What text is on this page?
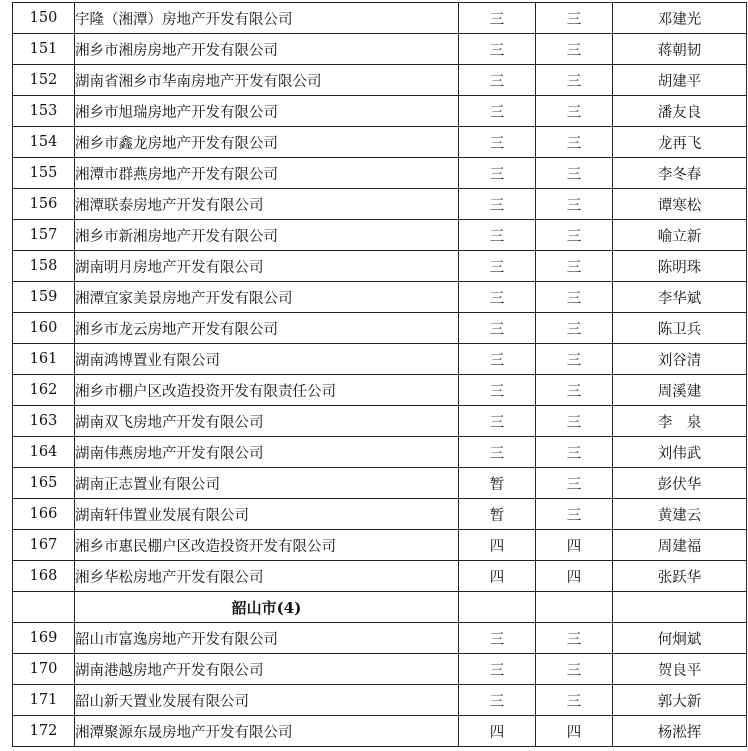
150	宇隆（湘潭）房地产开发有限公司	三	三	邓建光
151	湘乡市湘房房地产开发有限公司	三	三	蒋朝韧
152	湖南省湘乡市华南房地产开发有限公司	三	三	胡建平
153	湘乡市旭瑞房地产开发有限公司	三	三	潘友良
154	湘乡市鑫龙房地产开发有限公司	三	三	龙再飞
155	湘潭市群燕房地产开发有限公司	三	三	李冬春
156	湘潭联泰房地产开发有限公司	三	三	谭寒松
157	湘乡市新湘房地产开发有限公司	三	三	喻立新
158	湖南明月房地产开发有限公司	三	三	陈明珠
159	湘潭宜家美景房地产开发有限公司	三	三	李华斌
160	湘乡市龙云房地产开发有限公司	三	三	陈卫兵
161	湖南鸿博置业有限公司	三	三	刘谷清
162	湘乡市棚户区改造投资开发有限责任公司	三	三	周溪建
163	湖南双飞房地产开发有限公司	三	三	李　泉
164	湖南伟燕房地产开发有限公司	三	三	刘伟武
165	湖南正志置业有限公司	暂	三	彭伏华
166	湖南轩伟置业发展有限公司	暂	三	黄建云
167	湘乡市惠民棚户区改造投资开发有限公司	四	四	周建福
168	湘乡华松房地产开发有限公司	四	四	张跃华
	韶山市(4)			
169	韶山市富逸房地产开发有限公司	三	三	何炯斌
170	湖南港越房地产开发有限公司	三	三	贺良平
171	韶山新天置业发展有限公司	三	三	郭大新
172	湘潭聚源东晟房地产开发有限公司	四	四	杨淞挥
